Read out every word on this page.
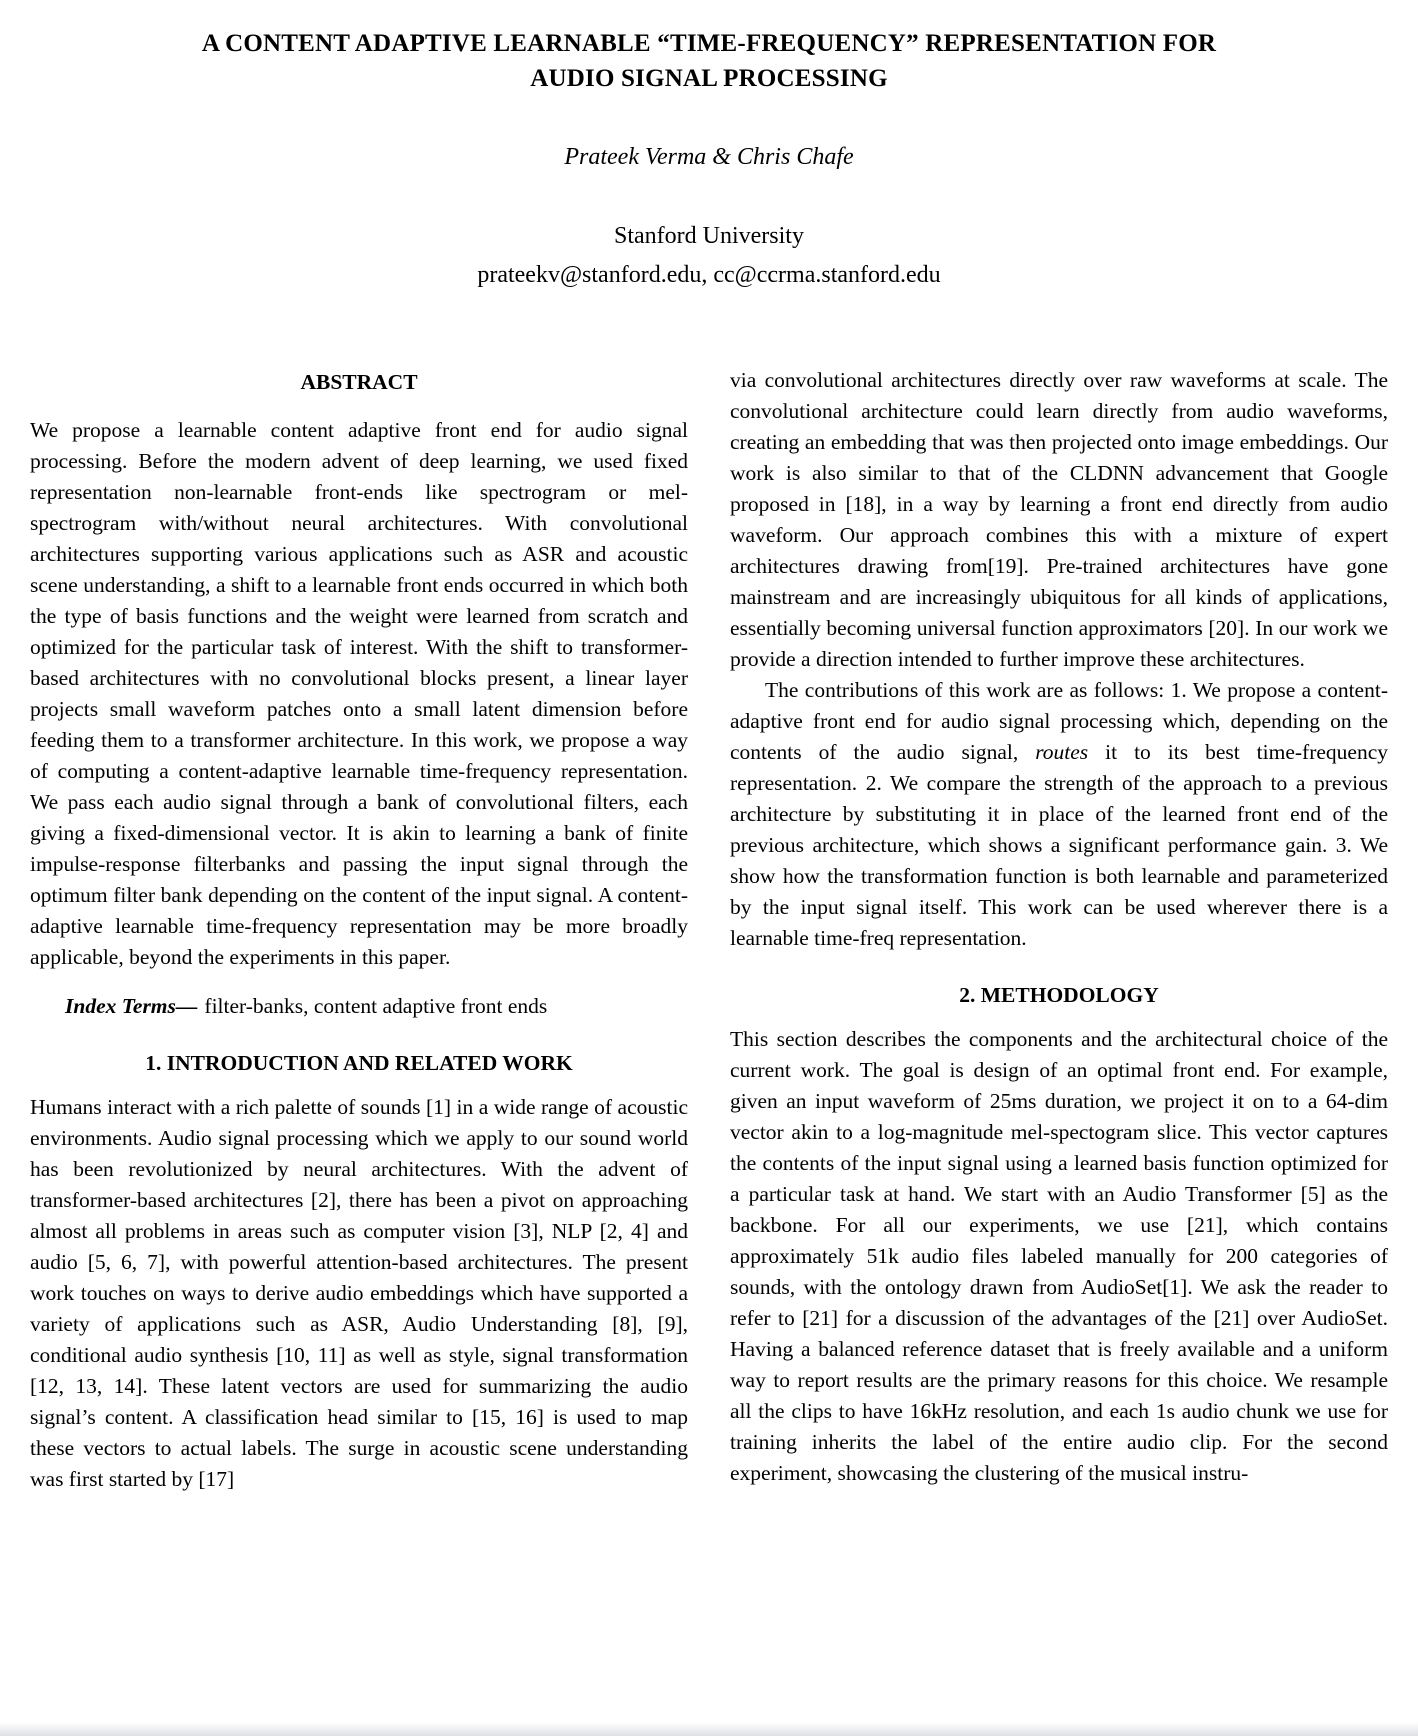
A CONTENT ADAPTIVE LEARNABLE “TIME-FREQUENCY” REPRESENTATION FOR
AUDIO SIGNAL PROCESSING
Prateek Verma & Chris Chafe
Stanford University
prateekv@stanford.edu, cc@ccrma.stanford.edu
ABSTRACT

We propose a learnable content adaptive front end for audio signal processing. Before the modern advent of deep learning, we used fixed representation non-learnable front-ends like spectrogram or mel-spectrogram with/without neural architectures. With convolutional architectures supporting various applications such as ASR and acoustic scene understanding, a shift to a learnable front ends occurred in which both the type of basis functions and the weight were learned from scratch and optimized for the particular task of interest. With the shift to transformer-based architectures with no convolutional blocks present, a linear layer projects small waveform patches onto a small latent dimension before feeding them to a transformer architecture. In this work, we propose a way of computing a content-adaptive learnable time-frequency representation. We pass each audio signal through a bank of convolutional filters, each giving a fixed-dimensional vector. It is akin to learning a bank of finite impulse-response filterbanks and passing the input signal through the optimum filter bank depending on the content of the input signal. A content-adaptive learnable time-frequency representation may be more broadly applicable, beyond the experiments in this paper.

Index Terms— filter-banks, content adaptive front ends

1. INTRODUCTION AND RELATED WORK

Humans interact with a rich palette of sounds [1] in a wide range of acoustic environments. Audio signal processing which we apply to our sound world has been revolutionized by neural architectures. With the advent of transformer-based architectures [2], there has been a pivot on approaching almost all problems in areas such as computer vision [3], NLP [2, 4] and audio [5, 6, 7], with powerful attention-based architectures. The present work touches on ways to derive audio embeddings which have supported a variety of applications such as ASR, Audio Understanding [8], [9], conditional audio synthesis [10, 11] as well as style, signal transformation [12, 13, 14]. These latent vectors are used for summarizing the audio signal’s content. A classification head similar to [15, 16] is used to map these vectors to actual labels. The surge in acoustic scene understanding was first started by [17]

via convolutional architectures directly over raw waveforms at scale. The convolutional architecture could learn directly from audio waveforms, creating an embedding that was then projected onto image embeddings. Our work is also similar to that of the CLDNN advancement that Google proposed in [18], in a way by learning a front end directly from audio waveform. Our approach combines this with a mixture of expert architectures drawing from[19]. Pre-trained architectures have gone mainstream and are increasingly ubiquitous for all kinds of applications, essentially becoming universal function approximators [20]. In our work we provide a direction intended to further improve these architectures.

The contributions of this work are as follows: 1. We propose a content-adaptive front end for audio signal processing which, depending on the contents of the audio signal, routes it to its best time-frequency representation. 2. We compare the strength of the approach to a previous architecture by substituting it in place of the learned front end of the previous architecture, which shows a significant performance gain. 3. We show how the transformation function is both learnable and parameterized by the input signal itself. This work can be used wherever there is a learnable time-freq representation.

2. METHODOLOGY

This section describes the components and the architectural choice of the current work. The goal is design of an optimal front end. For example, given an input waveform of 25ms duration, we project it on to a 64-dim vector akin to a log-magnitude mel-spectogram slice. This vector captures the contents of the input signal using a learned basis function optimized for a particular task at hand. We start with an Audio Transformer [5] as the backbone. For all our experiments, we use [21], which contains approximately 51k audio files labeled manually for 200 categories of sounds, with the ontology drawn from AudioSet[1]. We ask the reader to refer to [21] for a discussion of the advantages of the [21] over AudioSet. Having a balanced reference dataset that is freely available and a uniform way to report results are the primary reasons for this choice. We resample all the clips to have 16kHz resolution, and each 1s audio chunk we use for training inherits the label of the entire audio clip. For the second experiment, showcasing the clustering of the musical instru-
